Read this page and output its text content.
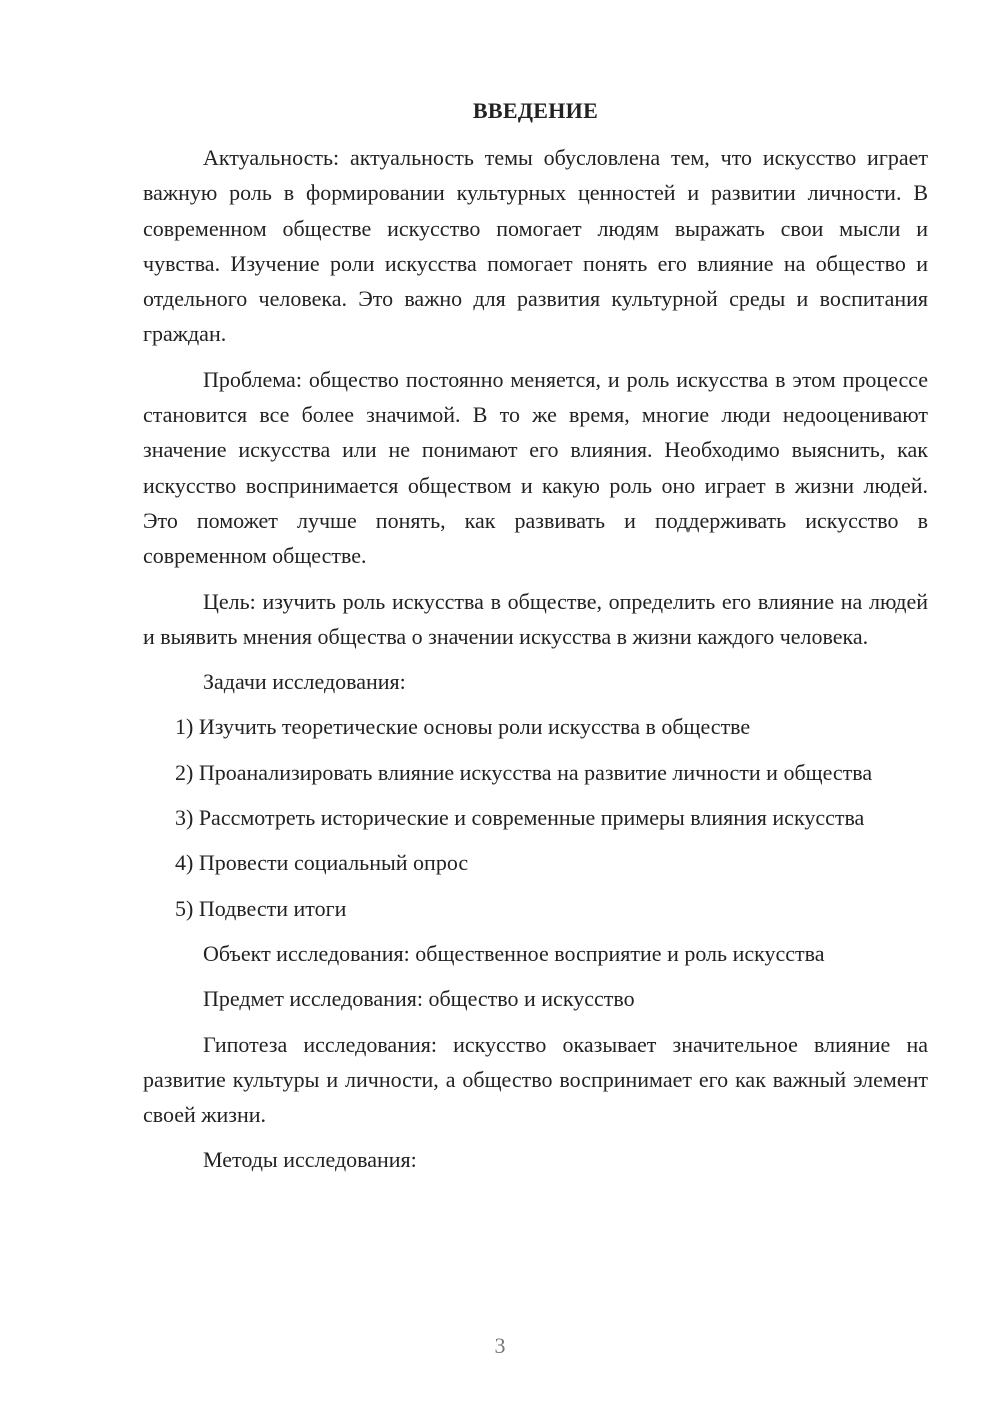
ВВЕДЕНИЕ

Актуальность: актуальность темы обусловлена тем, что искусство играет важную роль в формировании культурных ценностей и развитии личности. В современном обществе искусство помогает людям выражать свои мысли и чувства. Изучение роли искусства помогает понять его влияние на общество и отдельного человека. Это важно для развития культурной среды и воспитания граждан.

Проблема: общество постоянно меняется, и роль искусства в этом процессе становится все более значимой. В то же время, многие люди недооценивают значение искусства или не понимают его влияния. Необходимо выяснить, как искусство воспринимается обществом и какую роль оно играет в жизни людей. Это поможет лучше понять, как развивать и поддерживать искусство в современном обществе.

Цель: изучить роль искусства в обществе, определить его влияние на людей и выявить мнения общества о значении искусства в жизни каждого человека.

Задачи исследования:

1) Изучить теоретические основы роли искусства в обществе

2) Проанализировать влияние искусства на развитие личности и общества

3) Рассмотреть исторические и современные примеры влияния искусства

4) Провести социальный опрос

5) Подвести итоги

Объект исследования: общественное восприятие и роль искусства

Предмет исследования: общество и искусство

Гипотеза исследования: искусство оказывает значительное влияние на развитие культуры и личности, а общество воспринимает его как важный элемент своей жизни.

Методы исследования:

3
